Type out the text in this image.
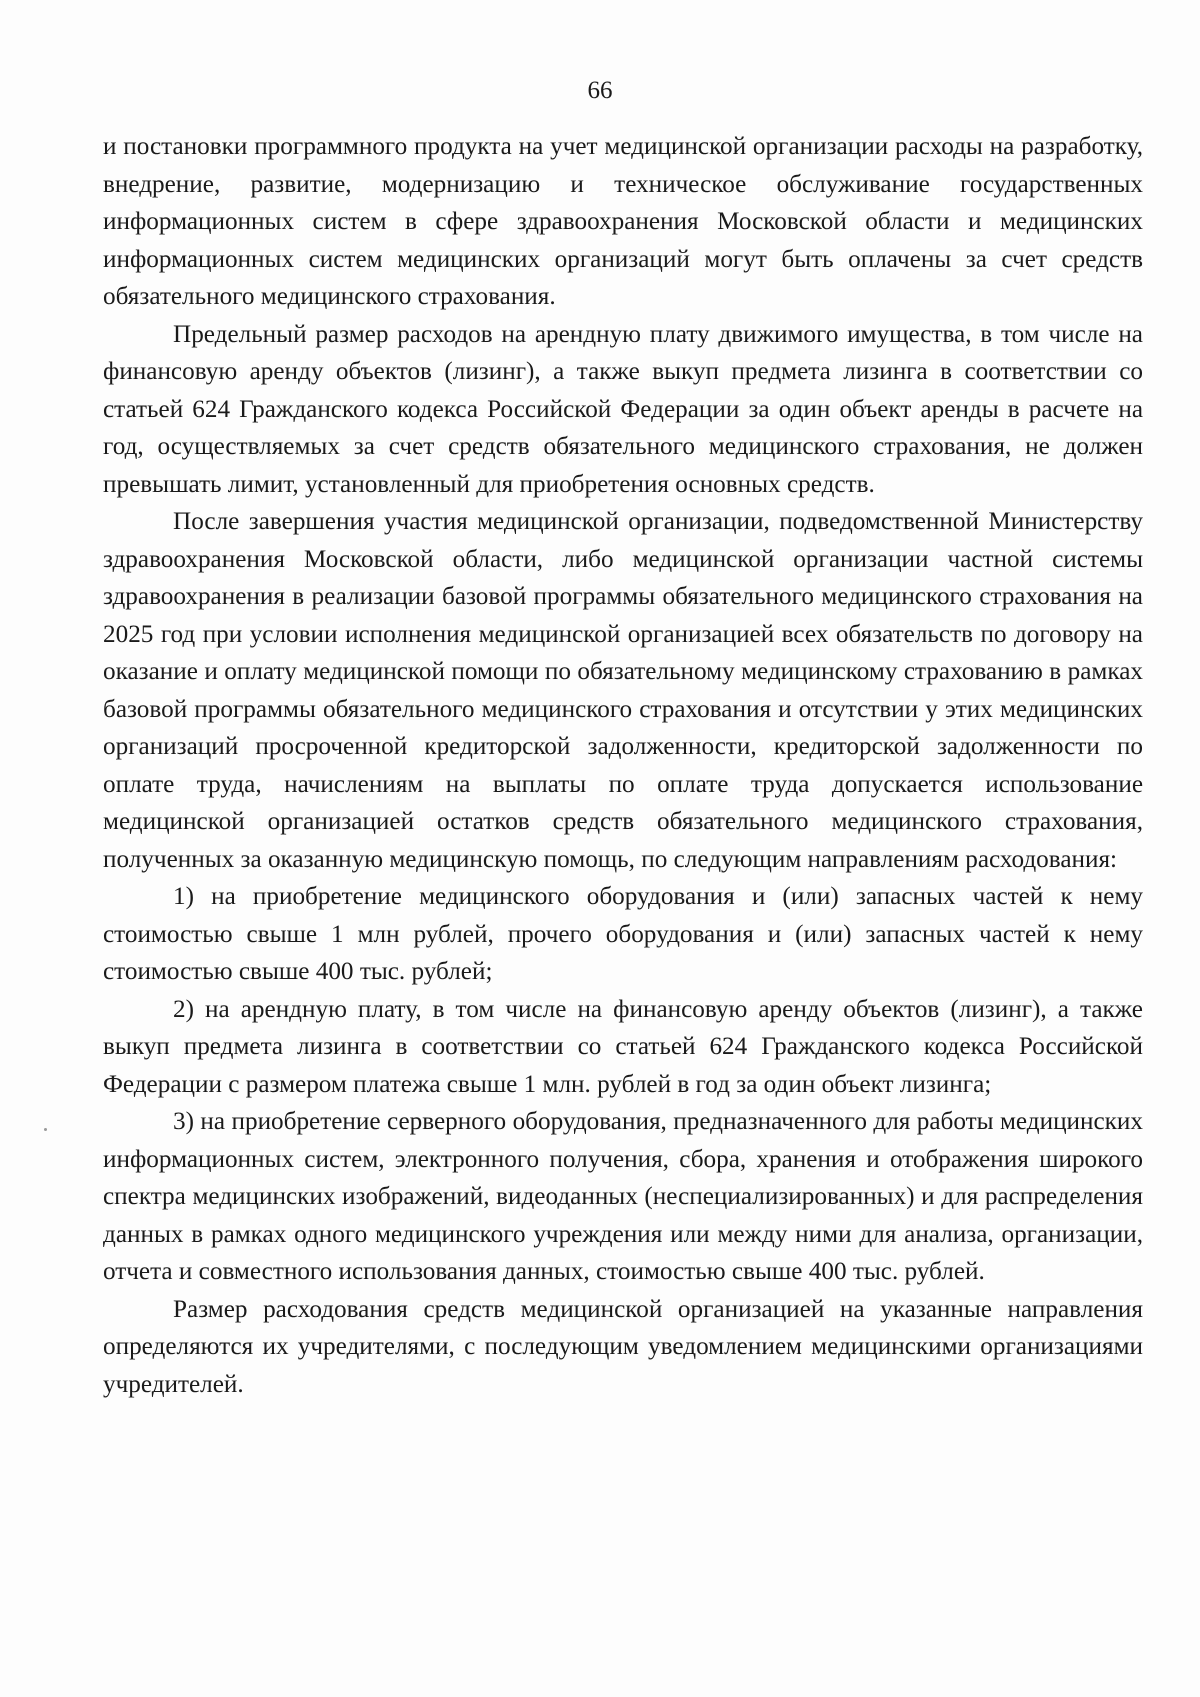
66

и постановки программного продукта на учет медицинской организации расходы на разработку, внедрение, развитие, модернизацию и техническое обслуживание государственных информационных систем в сфере здравоохранения Московской области и медицинских информационных систем медицинских организаций могут быть оплачены за счет средств обязательного медицинского страхования.

Предельный размер расходов на арендную плату движимого имущества, в том числе на финансовую аренду объектов (лизинг), а также выкуп предмета лизинга в соответствии со статьей 624 Гражданского кодекса Российской Федерации за один объект аренды в расчете на год, осуществляемых за счет средств обязательного медицинского страхования, не должен превышать лимит, установленный для приобретения основных средств.

После завершения участия медицинской организации, подведомственной Министерству здравоохранения Московской области, либо медицинской организации частной системы здравоохранения в реализации базовой программы обязательного медицинского страхования на 2025 год при условии исполнения медицинской организацией всех обязательств по договору на оказание и оплату медицинской помощи по обязательному медицинскому страхованию в рамках базовой программы обязательного медицинского страхования и отсутствии у этих медицинских организаций просроченной кредиторской задолженности, кредиторской задолженности по оплате труда, начислениям на выплаты по оплате труда допускается использование медицинской организацией остатков средств обязательного медицинского страхования, полученных за оказанную медицинскую помощь, по следующим направлениям расходования:

1) на приобретение медицинского оборудования и (или) запасных частей к нему стоимостью свыше 1 млн рублей, прочего оборудования и (или) запасных частей к нему стоимостью свыше 400 тыс. рублей;

2) на арендную плату, в том числе на финансовую аренду объектов (лизинг), а также выкуп предмета лизинга в соответствии со статьей 624 Гражданского кодекса Российской Федерации с размером платежа свыше 1 млн. рублей в год за один объект лизинга;

3) на приобретение серверного оборудования, предназначенного для работы медицинских информационных систем, электронного получения, сбора, хранения и отображения широкого спектра медицинских изображений, видеоданных (неспециализированных) и для распределения данных в рамках одного медицинского учреждения или между ними для анализа, организации, отчета и совместного использования данных, стоимостью свыше 400 тыс. рублей.

Размер расходования средств медицинской организацией на указанные направления определяются их учредителями, с последующим уведомлением медицинскими организациями учредителей.
